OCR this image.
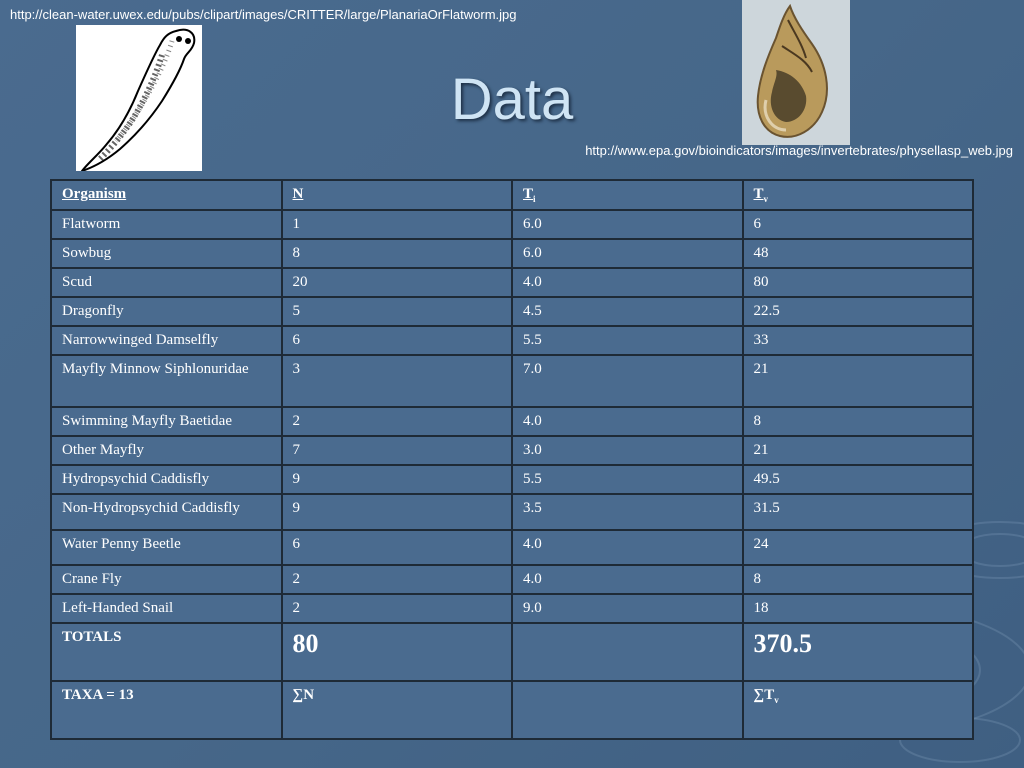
http://clean-water.uwex.edu/pubs/clipart/images/CRITTER/large/PlanariaOrFlatworm.jpg
Data
http://www.epa.gov/bioindicators/images/invertebrates/physellasp_web.jpg
Organism	N	$T_i$	$T_v$
Flatworm	1	6.0	6
Sowbug	8	6.0	48
Scud	20	4.0	80
Dragonfly	5	4.5	22.5
Narrowwinged Damselfly	6	5.5	33
Mayfly Minnow Siphlonuridae	3	7.0	21
Swimming Mayfly Baetidae	2	4.0	8
Other Mayfly	7	3.0	21
Hydropsychid Caddisfly	9	5.5	49.5
Non-Hydropsychid Caddisfly	9	3.5	31.5
Water Penny Beetle	6	4.0	24
Crane Fly	2	4.0	8
Left-Handed Snail	2	9.0	18
TOTALS	80		370.5
TAXA = 13	∑N		$\sum T_v$
